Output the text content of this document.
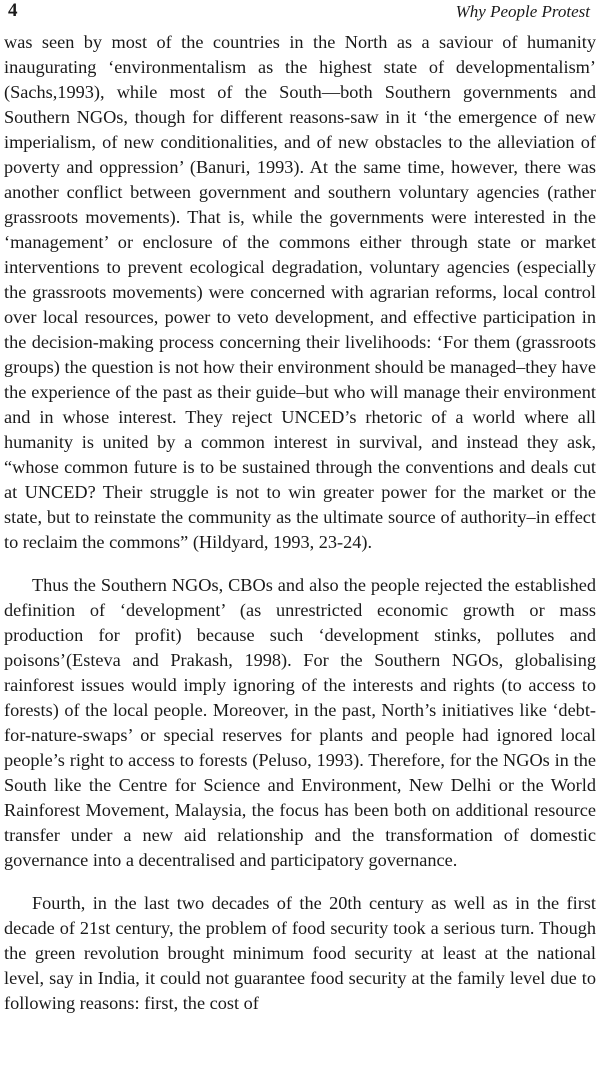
4	Why People Protest

was seen by most of the countries in the North as a saviour of humanity inaugurating ‘environmentalism as the highest state of developmentalism’ (Sachs,1993), while most of the South—both Southern governments and Southern NGOs, though for different reasons-saw in it ‘the emergence of new imperialism, of new conditionalities, and of new obstacles to the alleviation of poverty and oppression’ (Banuri, 1993). At the same time, however, there was another conflict between government and southern voluntary agencies (rather grassroots movements). That is, while the governments were interested in the ‘management’ or enclosure of the commons either through state or market interventions to prevent ecological degradation, voluntary agencies (especially the grassroots movements) were concerned with agrarian reforms, local control over local resources, power to veto development, and effective participation in the decision-making process concerning their livelihoods: ‘For them (grassroots groups) the question is not how their environment should be managed–they have the experience of the past as their guide–but who will manage their environment and in whose interest. They reject UNCED’s rhetoric of a world where all humanity is united by a common interest in survival, and instead they ask, “whose common future is to be sustained through the conventions and deals cut at UNCED? Their struggle is not to win greater power for the market or the state, but to reinstate the community as the ultimate source of authority–in effect to reclaim the commons” (Hildyard, 1993, 23-24).

Thus the Southern NGOs, CBOs and also the people rejected the established definition of ‘development’ (as unrestricted economic growth or mass production for profit) because such ‘development stinks, pollutes and poisons’(Esteva and Prakash, 1998). For the Southern NGOs, globalising rainforest issues would imply ignoring of the interests and rights (to access to forests) of the local people. Moreover, in the past, North’s initiatives like ‘debt-for-nature-swaps’ or special reserves for plants and people had ignored local people’s right to access to forests (Peluso, 1993). Therefore, for the NGOs in the South like the Centre for Science and Environment, New Delhi or the World Rainforest Movement, Malaysia, the focus has been both on additional resource transfer under a new aid relationship and the transformation of domestic governance into a decentralised and participatory governance.

Fourth, in the last two decades of the 20th century as well as in the first decade of 21st century, the problem of food security took a serious turn. Though the green revolution brought minimum food security at least at the national level, say in India, it could not guarantee food security at the family level due to following reasons: first, the cost of
